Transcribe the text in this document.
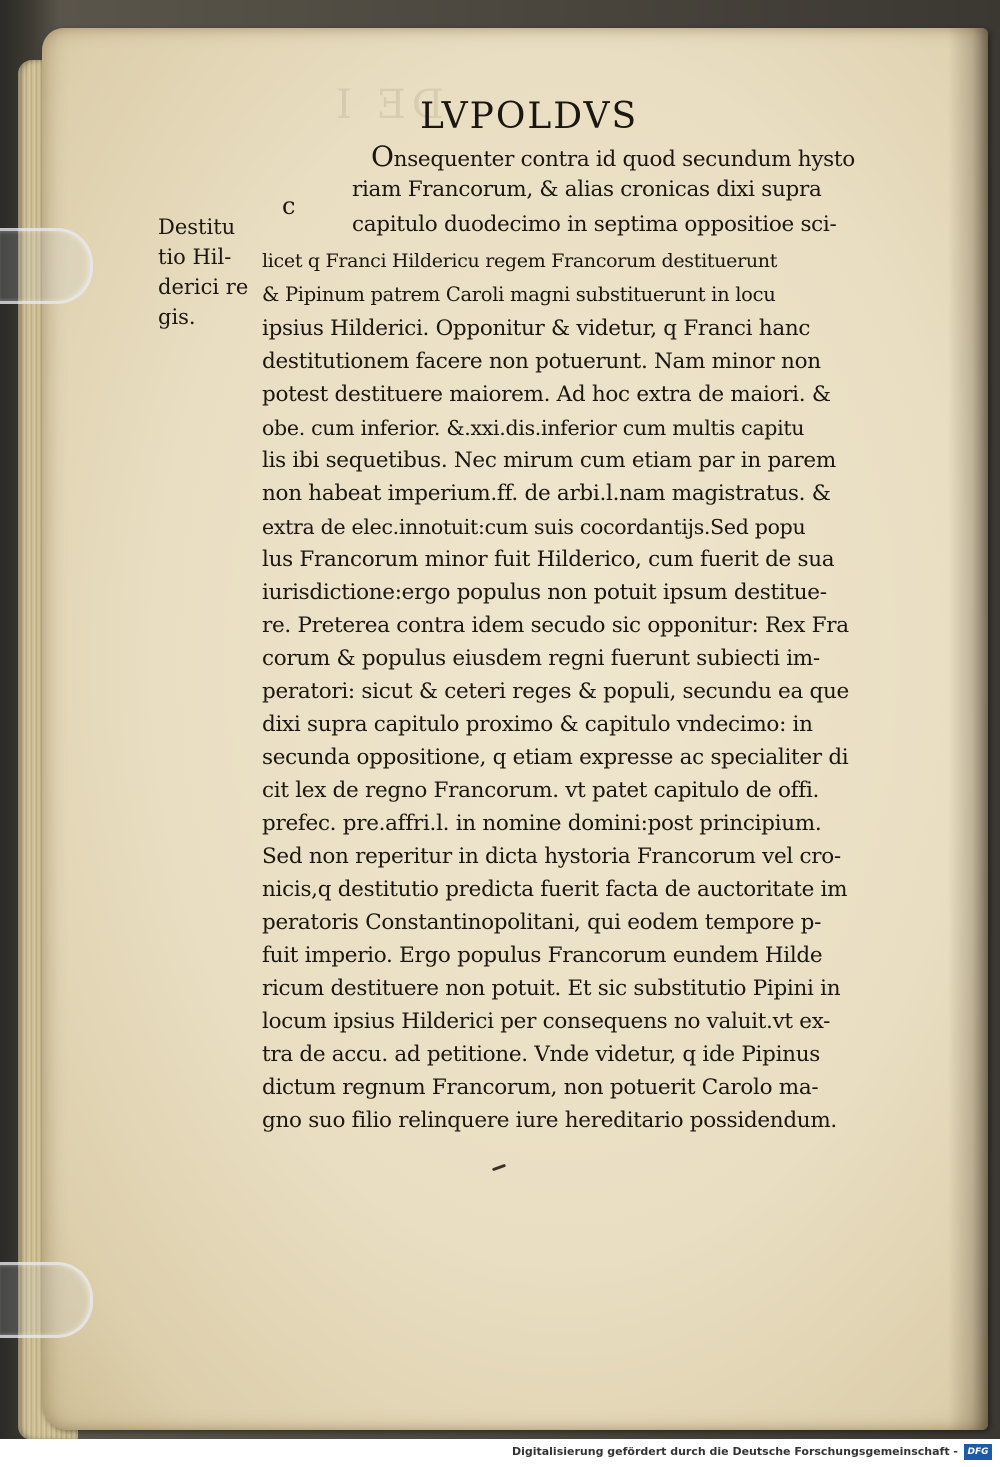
DE I
LVPOLDVS
c
Destitu
tio Hil-
derici re
gis.
Onsequenter contra id quod secundum hysto
riam Francorum, & alias cronicas dixi supra
capitulo duodecimo in septima oppositioe sci-
licet q Franci Hildericu regem Francorum destituerunt
& Pipinum patrem Caroli magni substituerunt in locu
ipsius Hilderici. Opponitur & videtur, q Franci hanc
destitutionem facere non potuerunt. Nam minor non
potest destituere maiorem. Ad hoc extra de maiori. &
obe. cum inferior. &.xxi.dis.inferior cum multis capitu
lis ibi sequetibus. Nec mirum cum etiam par in parem
non habeat imperium.ff. de arbi.l.nam magistratus. &
extra de elec.innotuit:cum suis cocordantijs.Sed popu
lus Francorum minor fuit Hilderico, cum fuerit de sua
iurisdictione:ergo populus non potuit ipsum destitue-
re. Preterea contra idem secudo sic opponitur: Rex Fra
corum & populus eiusdem regni fuerunt subiecti im-
peratori: sicut & ceteri reges & populi, secundu ea que
dixi supra capitulo proximo & capitulo vndecimo: in
secunda oppositione, q etiam expresse ac specialiter di
cit lex de regno Francorum. vt patet capitulo de offi.
prefec. pre.affri.l. in nomine domini:post principium.
Sed non reperitur in dicta hystoria Francorum vel cro-
nicis,q destitutio predicta fuerit facta de auctoritate im
peratoris Constantinopolitani, qui eodem tempore p-
fuit imperio. Ergo populus Francorum eundem Hilde
ricum destituere non potuit. Et sic substitutio Pipini in
locum ipsius Hilderici per consequens no valuit.vt ex-
tra de accu. ad petitione. Vnde videtur, q ide Pipinus
dictum regnum Francorum, non potuerit Carolo ma-
gno suo filio relinquere iure hereditario possidendum.
Digitalisierung gefördert durch die Deutsche Forschungsgemeinschaft -	DFG
